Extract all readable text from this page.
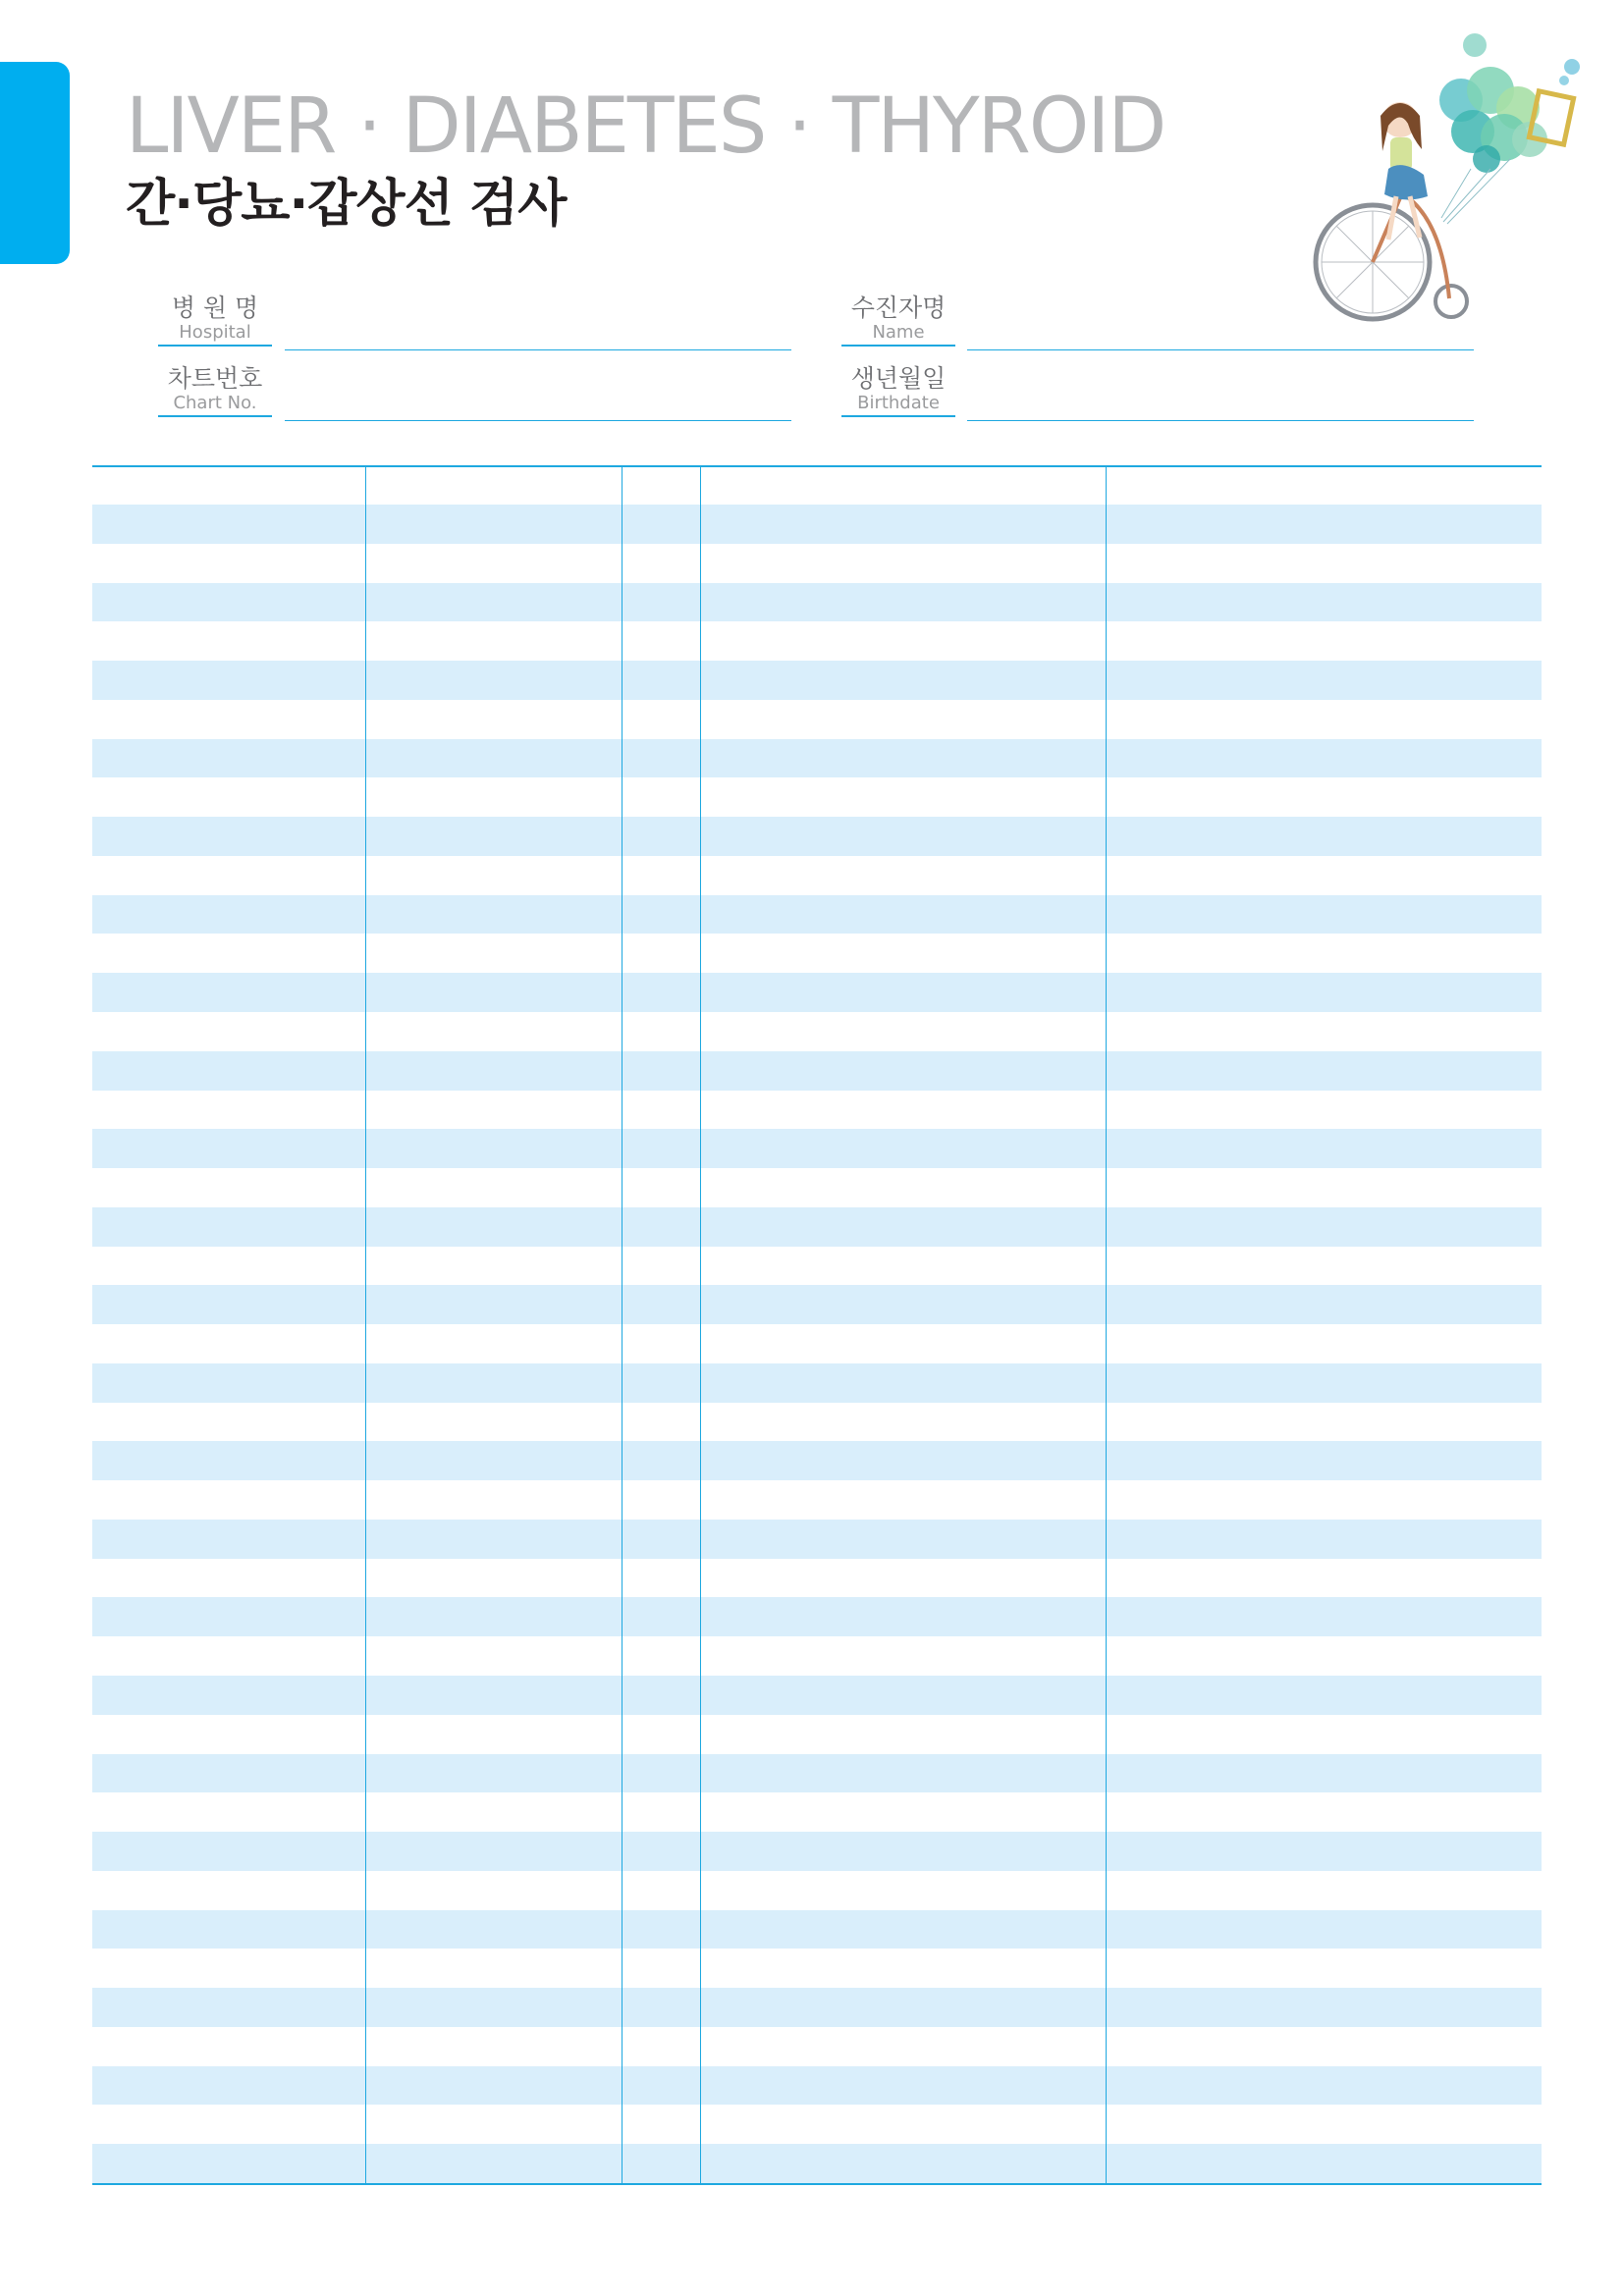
LIVER · DIABETES · THYROID
간·당뇨·갑상선 검사
병 원 명
Hospital
수진자명
Name
차트번호
Chart No.
생년월일
Birthdate
